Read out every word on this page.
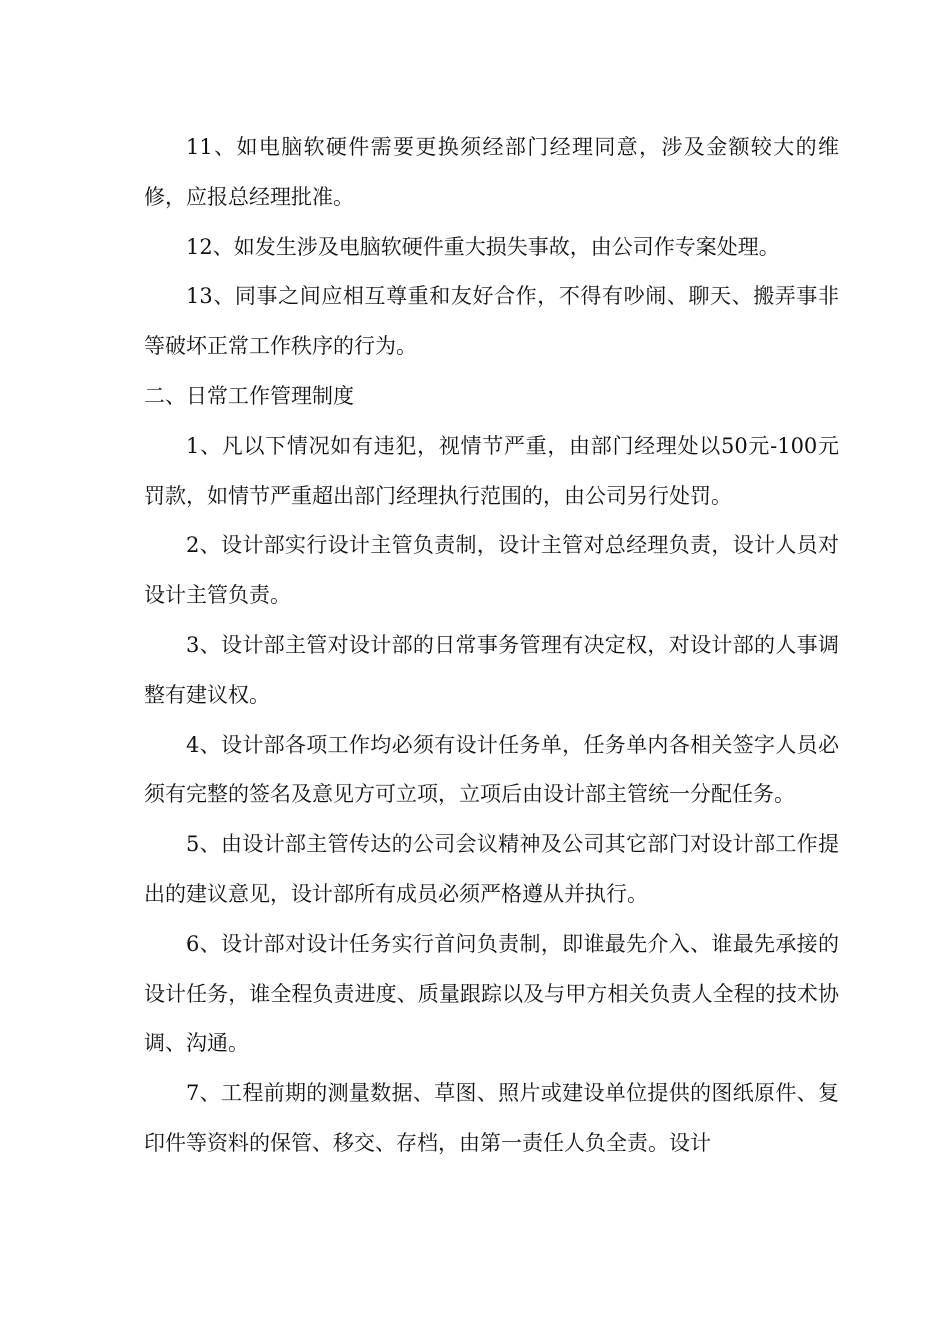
11、如电脑软硬件需要更换须经部门经理同意，涉及金额较大的维修，应报总经理批准。

12、如发生涉及电脑软硬件重大损失事故，由公司作专案处理。

13、同事之间应相互尊重和友好合作，不得有吵闹、聊天、搬弄事非等破坏正常工作秩序的行为。

二、日常工作管理制度

1、凡以下情况如有违犯，视情节严重，由部门经理处以50元-100元罚款，如情节严重超出部门经理执行范围的，由公司另行处罚。

2、设计部实行设计主管负责制，设计主管对总经理负责，设计人员对设计主管负责。

3、设计部主管对设计部的日常事务管理有决定权，对设计部的人事调整有建议权。

4、设计部各项工作均必须有设计任务单，任务单内各相关签字人员必须有完整的签名及意见方可立项，立项后由设计部主管统一分配任务。

5、由设计部主管传达的公司会议精神及公司其它部门对设计部工作提出的建议意见，设计部所有成员必须严格遵从并执行。

6、设计部对设计任务实行首问负责制，即谁最先介入、谁最先承接的设计任务，谁全程负责进度、质量跟踪以及与甲方相关负责人全程的技术协调、沟通。

7、工程前期的测量数据、草图、照片或建设单位提供的图纸原件、复印件等资料的保管、移交、存档，由第一责任人负全责。设计
